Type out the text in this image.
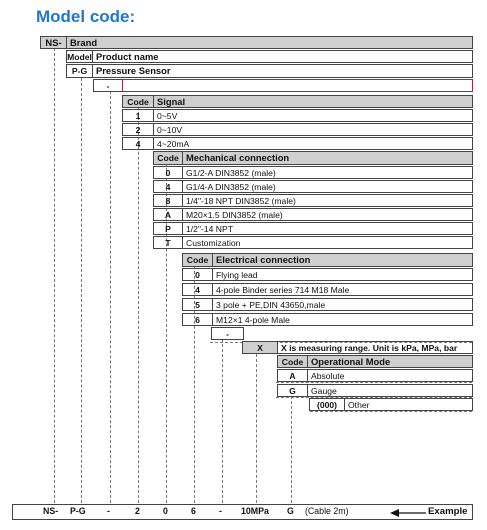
Model code:
NS- Brand
Model Product name
P-G Pressure Sensor
-
Code Signal
1	0~5V
2	0~10V
4	4~20mA
Code Mechanical connection
0	G1/2-A DIN3852 (male)
4	G1/4-A DIN3852 (male)
8	1/4"-18 NPT DIN3852 (male)
A	M20×1.5 DIN3852 (male)
P	1/2"-14 NPT
T	Customization
Code Electrical connection
0	Flying lead
4	4-pole Binder series 714 M18 Male
5	3 pole + PE,DIN 43650,male
6	M12×1 4-pole Male
-
X	X is measuring range. Unit is kPa, MPa, bar
Code Operational Mode
A	Absolute
G	Gauge
(000)	Other
NS- P-G -	2	0	6	- 10MPa G (Cable 2m)	Example
